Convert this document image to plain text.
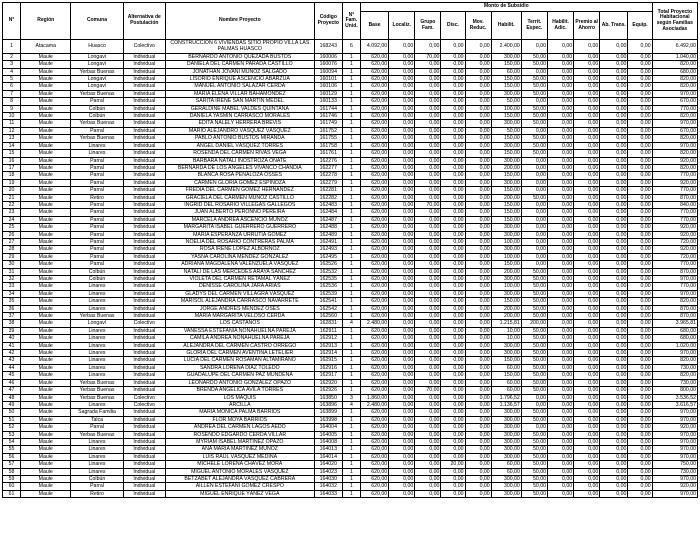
N°	Región	Comuna	Alternativa de Postulación	Nombre Proyecto	Código Proyecto	N° Fam. Unid.	Monto de Subsidio											Total Proyecto Habitacional según Familias Asociadas
							Base	Localiz.	Grupo Fam.	Disc.	Mov. Reduc.	Habilit.	Territ. Espec.	Habilit. Adic.	Premio al Ahorro	Ab. Trans.	Equip.	
1	Atacama	Huasco	Colectivo	CONSTRUCCIÓN 6 VIVIENDAS SITIO PROPIO VILLA LAS PALMAS HUASCO	168243	6	4.092,00	0,00	0,00	0,00	0,00	2.400,00	0,00	0,00	0,00	0,00	0,00	6.492,00
2	Maule	Longaví	Individual	BERNARDO ANTONIO QUEZADA BUSTOS	160006	1	620,00	0,00	70,00	0,00	0,00	300,00	50,00	0,00	0,00	0,00	0,00	1.040,00
3	Maule	Longaví	Individual	DANIELA DEL CARMEN PARADA CASTILLO	160076	1	620,00	0,00	0,00	0,00	0,00	150,00	50,00	0,00	0,00	0,00	0,00	820,00
4	Maule	Yerbas Buenas	Individual	JONATHAN JOVANI MUÑOZ SALGADO	160094	1	620,00	0,00	0,00	0,00	0,00	60,00	0,00	0,00	0,00	0,00	0,00	680,00
5	Maule	Longaví	Individual	LISORIO ENRIQUE ASCENCIO ABARZÚA	160101	1	620,00	0,00	0,00	0,00	0,00	150,00	50,00	0,00	0,00	0,00	0,00	820,00
6	Maule	Longaví	Individual	MANUEL ANTONIO SALAZAR CERDA	160106	1	620,00	0,00	0,00	0,00	0,00	150,00	50,00	0,00	0,00	0,00	0,00	820,00
7	Maule	Yerbas Buenas	Individual	MARIA ELENA VILLAR BAHAMONDEZ	160129	1	620,00	0,00	0,00	0,00	0,00	300,00	50,00	0,00	0,00	0,00	0,00	970,00
8	Maule	Parral	Individual	SARITA IRENE SAN MARTIN MEDEL	160133	1	620,00	0,00	0,00	0,00	0,00	50,00	0,00	0,00	0,00	0,00	0,00	670,00
9	Maule	Colbún	Individual	GERALDINE MABEL VALDÉS QUINTANA	161744	1	620,00	0,00	0,00	0,00	0,00	100,00	50,00	0,00	0,00	0,00	0,00	770,00
10	Maule	Colbún	Individual	DANIELA YASMIN CARRASCO MORALES	161746	1	620,00	0,00	0,00	0,00	0,00	150,00	50,00	0,00	0,00	0,00	0,00	820,00
11	Maule	Yerbas Buenas	Individual	EDITA NALELY HERRERA BREVIS	161749	1	620,00	0,00	0,00	0,00	0,00	300,00	50,00	0,00	0,00	0,00	0,00	970,00
12	Maule	Parral	Individual	MARIO ALEJANDRO VÁSQUEZ VÁSQUEZ	161752	1	620,00	0,00	0,00	0,00	0,00	50,00	0,00	0,00	0,00	0,00	0,00	670,00
13	Maule	Yerbas Buenas	Individual	PABLO ANTONIO BUSTOS MIRANDA	161755	1	620,00	0,00	0,00	0,00	0,00	150,00	50,00	0,00	0,00	0,00	0,00	820,00
14	Maule	Linares	Individual	ANGEL DANIEL VÁSQUEZ TORRES	161758	1	620,00	0,00	0,00	0,00	0,00	300,00	50,00	0,00	0,00	0,00	0,00	970,00
15	Maule	Linares	Individual	ROSENDA DEL CARMEN RIVAS VEGA	161761	1	620,00	0,00	0,00	0,00	0,00	150,00	50,00	0,00	0,00	0,00	0,00	820,00
16	Maule	Parral	Individual	BÁRBARA NATALI INOSTROZA OÑATE	162276	1	620,00	0,00	0,00	0,00	0,00	300,00	0,00	0,00	0,00	0,00	0,00	920,00
17	Maule	Parral	Individual	BERNARDA DE LOS ANGELES VIVANCO CHANDIA	162277	1	620,00	0,00	0,00	0,00	0,00	200,00	0,00	0,00	0,00	0,00	0,00	820,00
18	Maule	Parral	Individual	BLANCA ROSA PEÑALOZA OSSES	162278	1	620,00	0,00	0,00	0,00	0,00	150,00	0,00	0,00	0,00	0,00	0,00	770,00
19	Maule	Parral	Individual	CARMEN GLORIA GÓMEZ ESPINOZA	162279	1	620,00	0,00	0,00	0,00	0,00	300,00	0,00	0,00	0,00	0,00	0,00	920,00
20	Maule	Parral	Individual	FREDIA DEL CARMEN GÓMEZ HERNÁNDEZ	162281	1	620,00	0,00	0,00	0,00	0,00	150,00	0,00	0,00	0,00	0,00	0,00	770,00
21	Maule	Retiro	Individual	GRACIELA DEL CARMEN MUÑOZ CASTILLO	162282	1	620,00	0,00	0,00	0,00	0,00	200,00	50,00	0,00	0,00	0,00	0,00	870,00
22	Maule	Parral	Individual	INGRID DEL ROSARIO VILLEGAS GALLEGOS	162483	1	620,00	0,00	70,00	0,00	0,00	150,00	0,00	0,00	0,00	0,00	0,00	840,00
23	Maule	Parral	Individual	JUAN ALBERTO PERONNO PEREIRA	162484	1	620,00	0,00	0,00	0,00	0,00	150,00	0,00	0,00	0,00	0,00	0,00	770,00
24	Maule	Parral	Individual	MARCELA ANDREA ASCENCIO MUÑOZ	162487	1	620,00	0,00	0,00	0,00	0,00	150,00	0,00	0,00	0,00	0,00	0,00	770,00
25	Maule	Parral	Individual	MARGARITA ISABEL GUERRERO GUERRERO	162488	1	620,00	0,00	0,00	0,00	0,00	300,00	0,00	0,00	0,00	0,00	0,00	920,00
26	Maule	Parral	Individual	MARIA ESPERANZA URRUTIA GÓMEZ	162489	1	620,00	0,00	0,00	0,00	0,00	300,00	0,00	0,00	0,00	0,00	0,00	920,00
27	Maule	Parral	Individual	NOELIA DEL ROSARIO CONTRERAS PALMA	162491	1	620,00	0,00	0,00	0,00	0,00	100,00	0,00	0,00	0,00	0,00	0,00	720,00
28	Maule	Parral	Individual	ROSA IRENE LÓPEZ ALBORNOZ	162493	1	620,00	0,00	0,00	0,00	0,00	300,00	0,00	0,00	0,00	0,00	0,00	920,00
29	Maule	Parral	Individual	YASNA CAROLINA MÉNDEZ GONZÁLEZ	162495	1	620,00	0,00	0,00	0,00	0,00	100,00	0,00	0,00	0,00	0,00	0,00	720,00
30	Maule	Parral	Individual	ADRIANA MAGDALENA VALENZUELA VÁSQUEZ	162526	1	620,00	0,00	0,00	0,00	0,00	150,00	0,00	0,00	0,00	0,00	0,00	770,00
31	Maule	Colbún	Individual	NATALI DE LAS MERCEDES ARAYA SÁNCHEZ	162532	1	620,00	0,00	0,00	0,00	0,00	200,00	50,00	0,00	0,00	0,00	0,00	870,00
32	Maule	Colbún	Individual	VIOLETA DEL CARMEN RETAMAL YÁÑEZ	162535	1	620,00	0,00	0,00	0,00	0,00	300,00	50,00	0,00	0,00	0,00	0,00	970,00
33	Maule	Linares	Individual	DENISSE CAROLINA JARA ARIAS	162536	1	620,00	0,00	0,00	0,00	0,00	100,00	50,00	0,00	0,00	0,00	0,00	770,00
34	Maule	Linares	Individual	GLADYS DEL CARMEN VILLAGRA VÁSQUEZ	162539	1	620,00	0,00	0,00	0,00	0,00	300,00	50,00	0,00	0,00	0,00	0,00	970,00
35	Maule	Linares	Individual	MARISOL ALEJANDRA CARRASCO NAVARRETE	162541	1	620,00	0,00	0,00	0,00	0,00	150,00	50,00	0,00	0,00	0,00	0,00	820,00
36	Maule	Linares	Individual	JORGE ANDRÉS MÉNDEZ OSES	162542	1	620,00	0,00	0,00	0,00	0,00	200,00	50,00	0,00	0,00	0,00	0,00	870,00
37	Maule	Yerbas Buenas	Individual	MARIA MARGARITA VELOSO CERDA	162560	1	620,00	0,00	0,00	0,00	0,00	200,00	50,00	0,00	0,00	0,00	0,00	870,00
38	Maule	Longaví	Colectivo	LOS CASTAÑOS	162831	4	2.480,00	0,00	0,00	0,00	0,00	1.215,81	200,00	0,00	0,00	0,00	0,00	3.965,81
39	Maule	Linares	Individual	VANESSA ESTEFANIA NONAHUELNA PAREJA	162911	1	620,00	0,00	0,00	0,00	0,00	10,00	50,00	0,00	0,00	0,00	0,00	680,00
40	Maule	Linares	Individual	CAMILA ANDREA NONAHUELNA PAREJA	162912	1	620,00	0,00	0,00	0,00	0,00	10,00	50,00	0,00	0,00	0,00	0,00	680,00
41	Maule	Linares	Individual	ALEJANDRA DEL CARMEN CASTRO ORREGO	162913	1	620,00	0,00	0,00	0,00	0,00	300,00	50,00	0,00	0,00	0,00	0,00	1.020,00
42	Maule	Linares	Individual	GLORIA DEL CARMEN AVENTINA LETELIER	162914	1	620,00	0,00	0,00	0,00	0,00	300,00	50,00	0,00	0,00	0,00	0,00	970,00
43	Maule	Linares	Individual	LUCIA DEL CARMEN ROSAMAN ALTAMIRANO	162915	1	620,00	0,00	0,00	0,00	0,00	150,00	50,00	0,00	0,00	0,00	0,00	820,00
44	Maule	Linares	Individual	SANDRA LORENA DÍAZ TOLEDO	162916	1	620,00	0,00	0,00	0,00	0,00	60,00	50,00	0,00	0,00	0,00	0,00	730,00
45	Maule	Linares	Individual	GUADALUPE DEL CARMEN PAZ MUNDENA	162917	1	620,00	0,00	0,00	0,00	0,00	150,00	50,00	0,00	0,00	0,00	0,00	820,00
46	Maule	Yerbas Buenas	Individual	LEONARDO ANTONIO GONZÁLEZ OPAZO	162920	1	620,00	0,00	0,00	0,00	0,00	60,00	50,00	0,00	0,00	0,00	0,00	730,00
47	Maule	Yerbas Buenas	Individual	BRENDA ANGÉLICA AVILA TORRES	162926	1	620,00	0,00	70,00	0,00	0,00	60,00	50,00	0,00	0,00	0,00	0,00	800,00
48	Maule	Yerbas Buenas	Colectivo	LOS MAQUIS	163850	3	1.860,00	0,00	0,00	0,00	0,00	1.796,52	0,00	0,00	0,00	0,00	0,00	3.536,52
49	Maule	Linares	Colectivo	ARCILLA	163896	4	2.480,00	0,00	0,00	0,00	0,00	1.136,57	0,00	0,00	0,00	0,00	0,00	3.616,57
50	Maule	Sagrada Familia	Individual	MARIA MONICA PALMA BARRIOS	163899	1	620,00	0,00	0,00	0,00	0,00	300,00	50,00	0,00	0,00	0,00	0,00	970,00
51	Maule	Talca	Individual	FLOR MOYA BARRIOS	163998	1	620,00	0,00	0,00	0,00	0,00	300,00	50,00	0,00	0,00	0,00	0,00	970,00
52	Maule	Parral	Individual	ANDREA DEL CARMEN LAGOS AEDO	164004	1	620,00	0,00	0,00	0,00	0,00	300,00	0,00	0,00	0,00	0,00	0,00	920,00
53	Maule	Yerbas Buenas	Individual	ROSENDO EDGARDO CERDA VILLAR	164005	1	620,00	0,00	0,00	0,00	0,00	300,00	50,00	0,00	0,00	0,00	0,00	970,00
54	Maule	Linares	Individual	MYRIAM ISABEL MARTÍNEZ OPAZO	164008	1	620,00	0,00	0,00	0,00	0,00	300,00	50,00	0,00	0,00	0,00	0,00	970,00
55	Maule	Linares	Individual	ANA MARÍA MARTÍNEZ MUÑOZ	164013	1	620,00	0,00	0,00	0,00	0,00	300,00	50,00	0,00	0,00	0,00	0,00	970,00
56	Maule	Linares	Individual	LUIS RAÚL VÁSQUEZ MEDINA	164014	1	620,00	0,00	0,00	0,00	0,00	300,00	50,00	0,00	0,00	0,00	0,00	970,00
57	Maule	Linares	Individual	MICHELE LORENA CHÁVEZ MORA	164020	1	620,00	0,00	0,00	20,00	0,00	60,00	50,00	0,00	0,00	0,00	0,00	750,00
58	Maule	Linares	Individual	MIGUEL ANTONIO MORALES VÁSQUEZ	164023	1	620,00	0,00	0,00	0,00	0,00	60,00	50,00	0,00	0,00	0,00	0,00	730,00
59	Maule	Colbún	Individual	BETZABET ALEJANDRA VÁSQUEZ CABRERA	164030	1	620,00	0,00	0,00	0,00	0,00	300,00	50,00	0,00	0,00	0,00	0,00	970,00
60	Maule	Parral	Individual	AILLEN ESTEFANI GÓMEZ CRESPO	164032	1	620,00	0,00	0,00	0,00	0,00	300,00	50,00	0,00	0,00	0,00	0,00	920,00
61	Maule	Retiro	Individual	MIGUEL ENRIQUE YÁÑEZ VEGA	164033	1	620,00	0,00	0,00	0,00	0,00	300,00	50,00	0,00	0,00	0,00	0,00	970,00
